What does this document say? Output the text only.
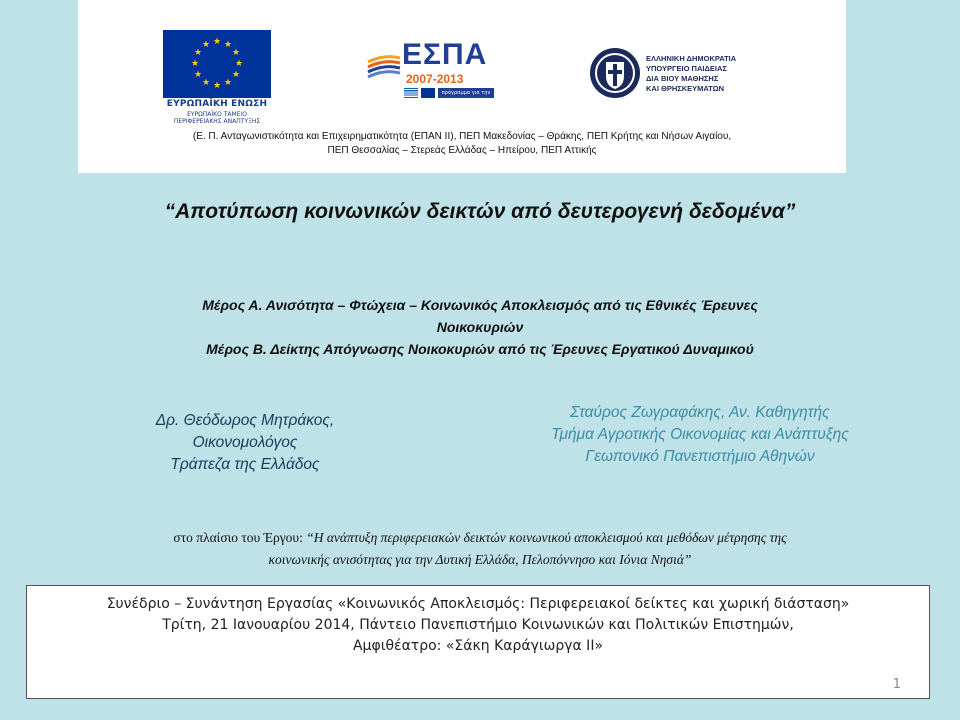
★ ★
★
★
★
★
★
★
★
★
★
★
ΕΥΡΩΠΑΪΚΗ ΕΝΩΣΗ
ΕΥΡΩΠΑΪΚΟ ΤΑΜΕΙΟ
ΠΕΡΙΦΕΡΕΙΑΚΗΣ ΑΝΑΠΤΥΞΗΣ
ΕΣΠΑ
2007-2013
πρόγραμμα για την ανάπτυξη
ΕΛΛΗΝΙΚΗ ΔΗΜΟΚΡΑΤΙΑ
ΥΠΟΥΡΓΕΙΟ ΠΑΙΔΕΙΑΣ
ΔΙΑ ΒΙΟΥ ΜΑΘΗΣΗΣ
ΚΑΙ ΘΡΗΣΚΕΥΜΑΤΩΝ
(Ε. Π. Ανταγωνιστικότητα και Επιχειρηματικότητα (ΕΠΑΝ ΙΙ), ΠΕΠ Μακεδονίας – Θράκης, ΠΕΠ Κρήτης και Νήσων Αιγαίου,
ΠΕΠ Θεσσαλίας – Στερεάς Ελλάδας – Ηπείρου, ΠΕΠ Αττικής
“Αποτύπωση κοινωνικών δεικτών από δευτερογενή δεδομένα”
Μέρος Α. Ανισότητα – Φτώχεια – Κοινωνικός Αποκλεισμός από τις Εθνικές Έρευνες
Νοικοκυριών
Μέρος Β. Δείκτης Απόγνωσης Νοικοκυριών από τις Έρευνες Εργατικού Δυναμικού
Δρ. Θεόδωρος Μητράκος,
Οικονομολόγος
Τράπεζα της Ελλάδος
Σταύρος Ζωγραφάκης, Αν. Καθηγητής
Τμήμα Αγροτικής Οικονομίας και Ανάπτυξης
Γεωπονικό Πανεπιστήμιο Αθηνών
στο πλαίσιο του Έργου: “Η ανάπτυξη περιφερειακών δεικτών κοινωνικού αποκλεισμού και μεθόδων μέτρησης της
κοινωνικής ανισότητας για την Δυτική Ελλάδα, Πελοπόννησο και Ιόνια Νησιά”
Συνέδριο – Συνάντηση Εργασίας «Κοινωνικός Αποκλεισμός: Περιφερειακοί δείκτες και χωρική διάσταση»
Τρίτη, 21 Ιανουαρίου 2014, Πάντειο Πανεπιστήμιο Κοινωνικών και Πολιτικών Επιστημών,
Αμφιθέατρο: «Σάκη Καράγιωργα ΙΙ»
1
